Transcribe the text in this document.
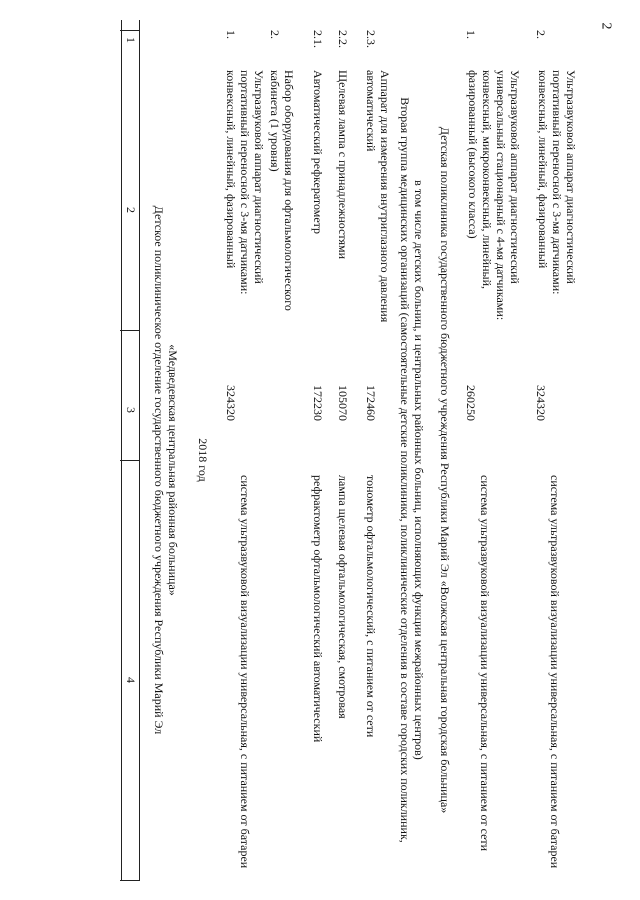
2
1
2
3
4 Детское поликлиническое отделение государственного бюджетного учреждения Республики Марий Эл «Медведевская центральная районная больница» 2018 год
1.
Ультразвуковой аппарат диагностический портативный переносной с 3-мя датчиками: конвексный, линейный, фазированный
324320
система ультразвуковой визуализации универсальная, с питанием от батареи
2.
Набор оборудования для офтальмологического кабинета (1 уровня)
2.1.
Автоматический рефкератометр
172230
рефрактометр офтальмологический автоматический
2.2.
Щелевая лампа с принадлежностями
105070
лампа щелевая офтальмологическая, смотровая
2.3.
Аппарат для измерения внутриглазного давления автоматический
172460
тонометр офтальмологический, с питанием от сети Вторая группа медицинских организаций (самостоятельные детские поликлиники, поликлинические отделения в составе городских поликлиник, в том числе детских больниц, и центральных районных больниц, исполняющих функции межрайонных центров) Детская поликлиника государственного бюджетного учреждения Республики Марий Эл «Волжская центральная городская больница»
1.
Ультразвуковой аппарат диагностический универсальный стационарный с 4-мя датчиками: конвексный, микроконвексный, линейный, фазированный (высокого класса)
260250
система ультразвуковой визуализации универсальная, с питанием от сети
2.
Ультразвуковой аппарат диагностический портативный переносной с 3-мя датчиками: конвексный, линейный, фазированный
324320
система ультразвуковой визуализации универсальная, с питанием от батареи
